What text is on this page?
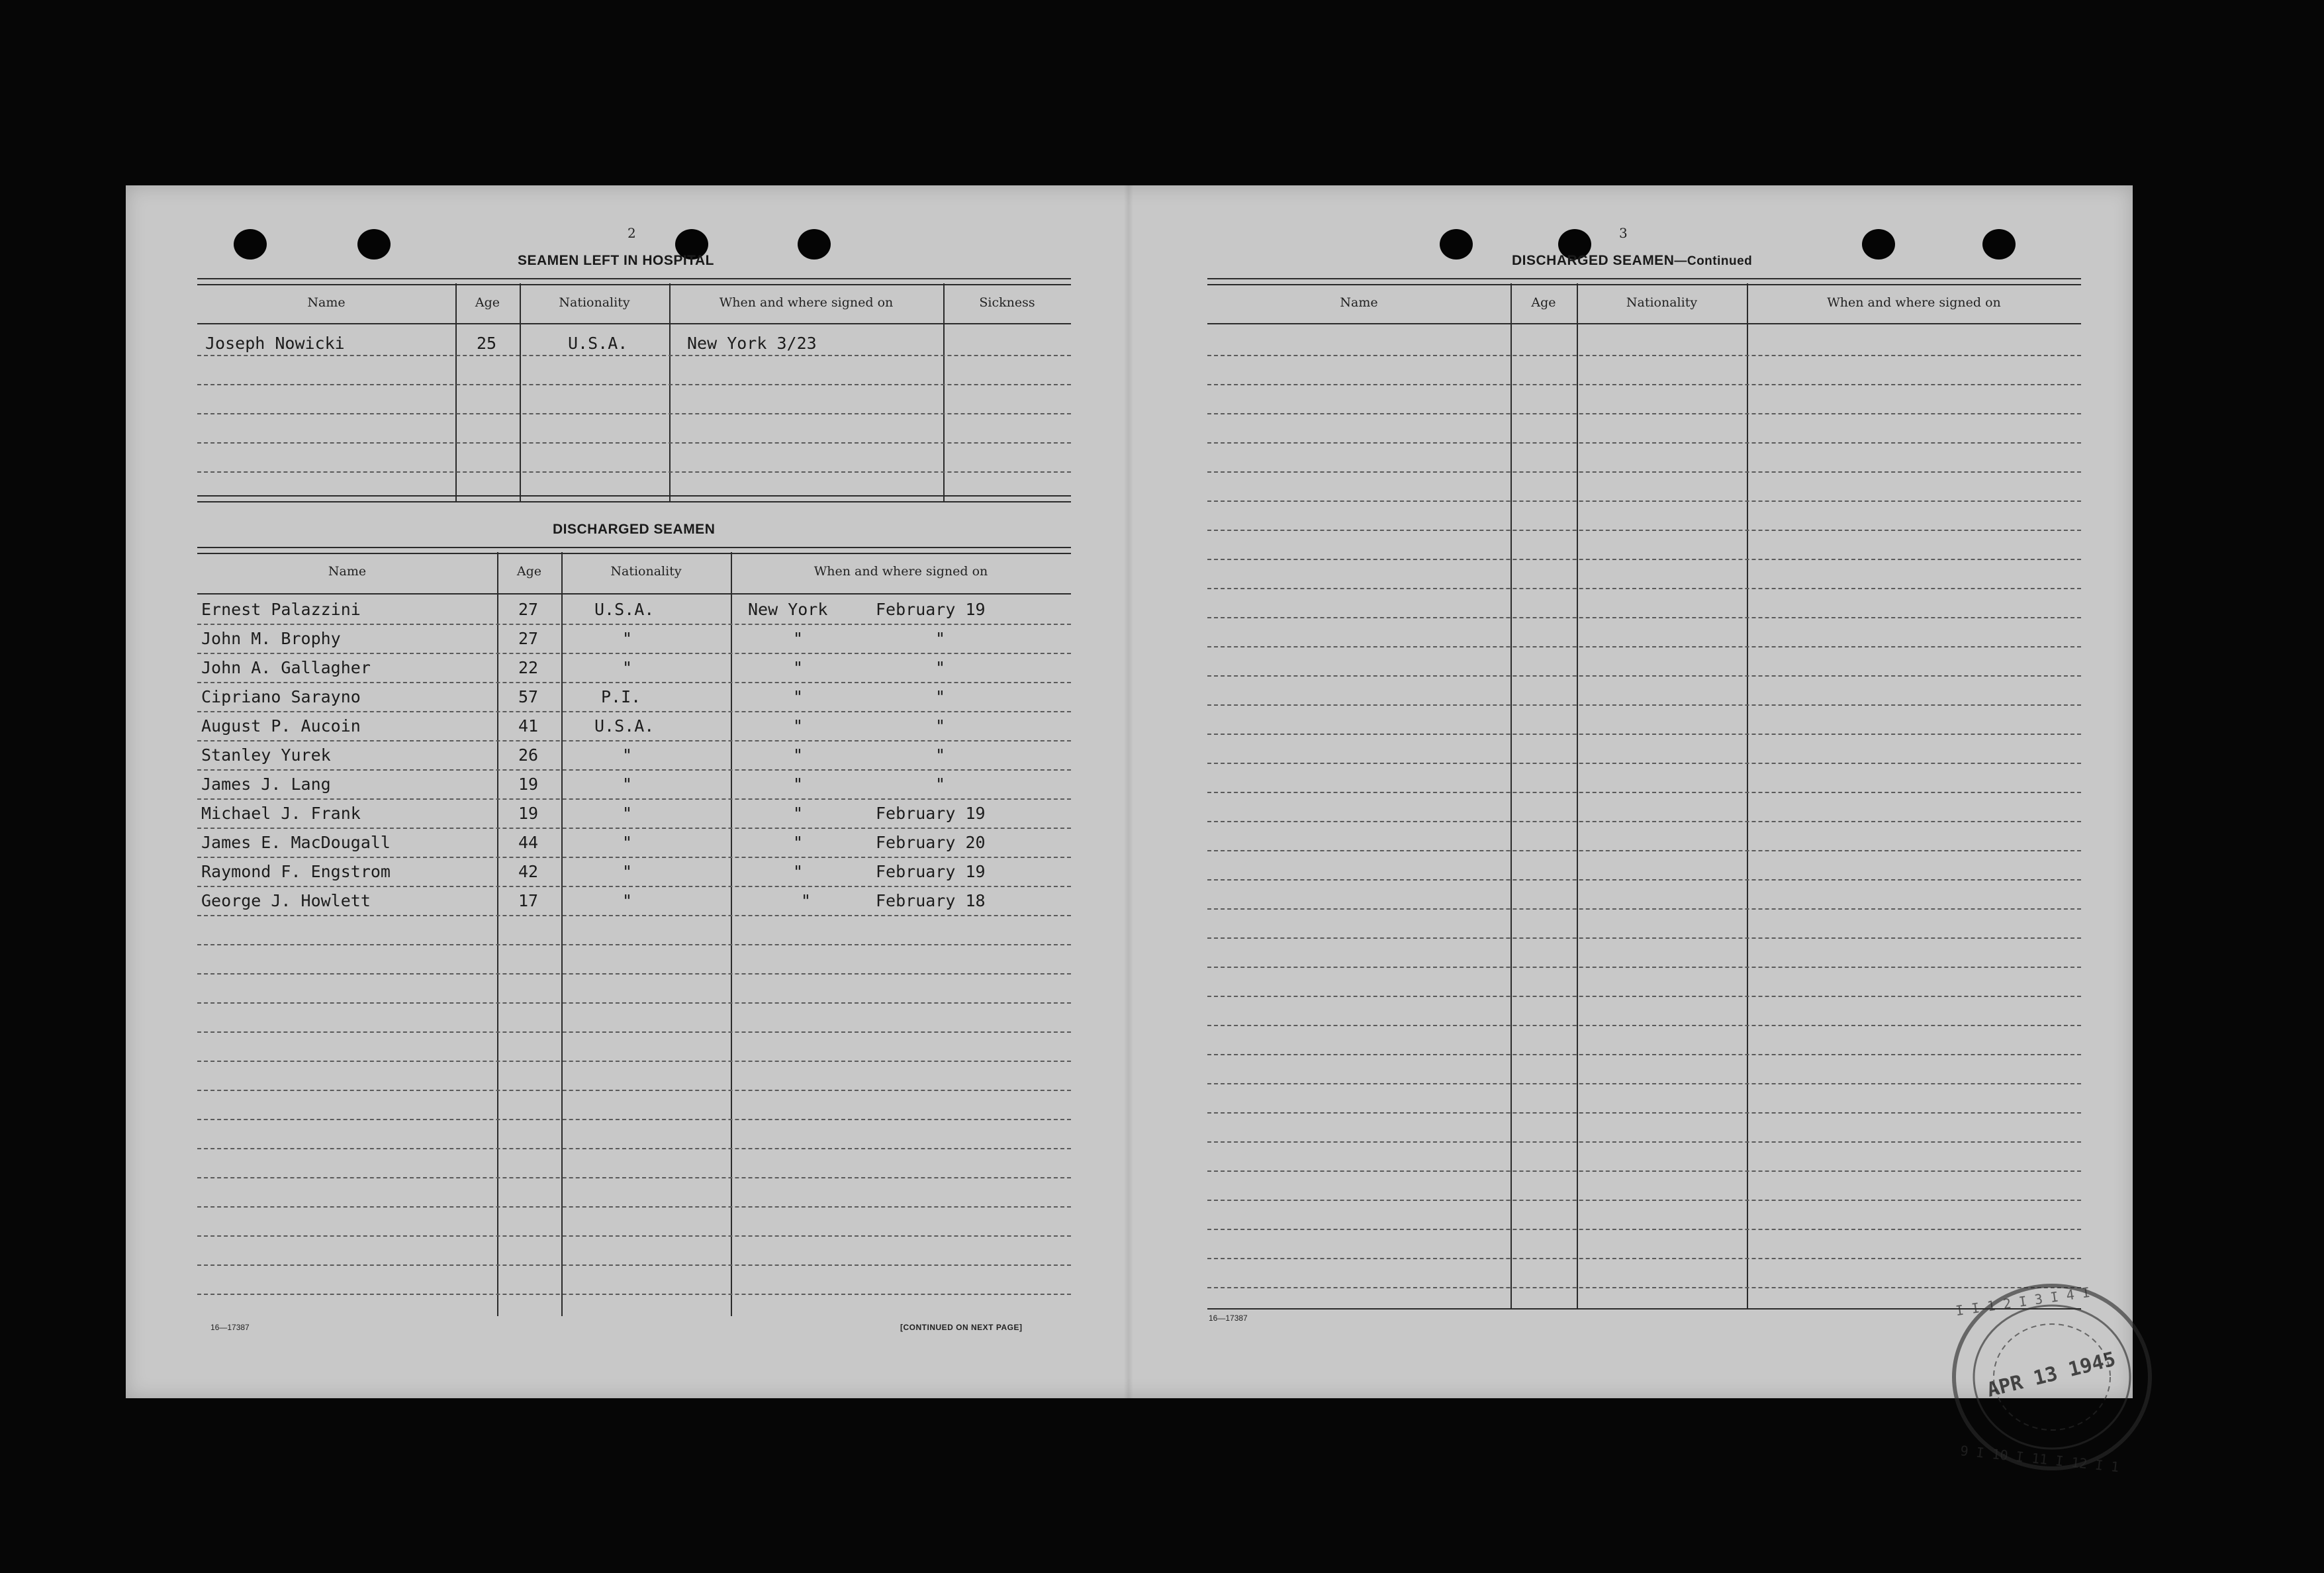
2
SEAMEN LEFT IN HOSPITAL
Name	Age	Nationality	When and where signed on	Sickness
Joseph Nowicki	25	U.S.A.	New York 3/23
DISCHARGED SEAMEN
Name	Age	Nationality	When and where signed on
Ernest Palazzini	27	U.S.A.	New York	February 19
John M. Brophy	27	"	"	"
John A. Gallagher	22	"	"	"
Cipriano Sarayno	57	P.I.	"	"
August P. Aucoin	41	U.S.A.	"	"
Stanley Yurek	26	"	"	"
James J. Lang	19	"	"	"
Michael J. Frank	19	"	"	February 19
James E. MacDougall	44	"	"	February 20
Raymond F. Engstrom	42	"	"	February 19
George J. Howlett	17	"	"	February 18
16—17387	[CONTINUED ON NEXT PAGE]
3
DISCHARGED SEAMEN—Continued
Name	Age	Nationality	When and where signed on
16—17387	I I 1 2 I 3 I 4 I
9 I 10 I 11 I 12 I 1
APR 13 1945
